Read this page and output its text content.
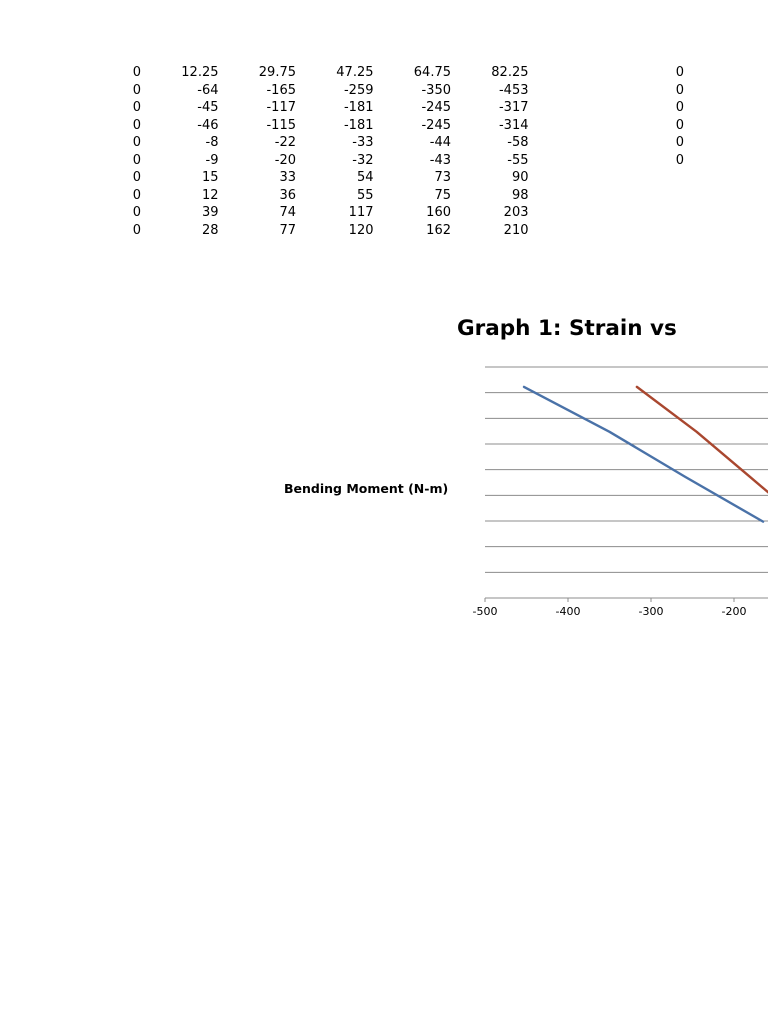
0	12.25	29.75	47.25	64.75	82.25
0	-64	-165	-259	-350	-453
0	-45	-117	-181	-245	-317
0	-46	-115	-181	-245	-314
0	-8	-22	-33	-44	-58
0	-9	-20	-32	-43	-55
0	15	33	54	73	90
0	12	36	55	75	98
0	39	74	117	160	203
0	28	77	120	162	210
0
0
0
0
0
0
Graph 1: Strain vs
Bending Moment (N-m)
-500	-400	-300	-200
